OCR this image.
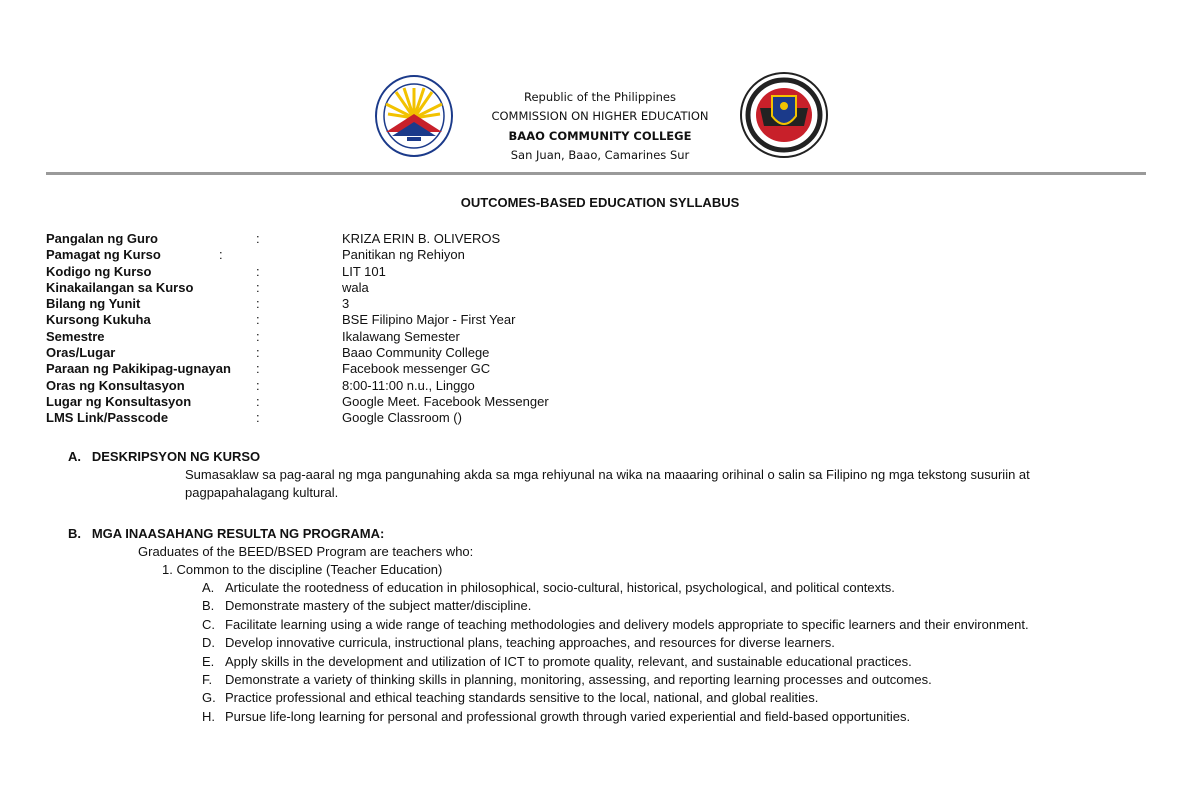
Republic of the Philippines
COMMISSION ON HIGHER EDUCATION
BAAO COMMUNITY COLLEGE
San Juan, Baao, Camarines Sur
OUTCOMES-BASED EDUCATION SYLLABUS
Pangalan ng Guro	:	KRIZA ERIN B. OLIVEROS
Pamagat ng Kurso	:	Panitikan ng Rehiyon
Kodigo ng Kurso	:	LIT 101
Kinakailangan sa Kurso	:	wala
Bilang ng Yunit	:	3
Kursong Kukuha	:	BSE Filipino Major - First Year
Semestre	:	Ikalawang Semester
Oras/Lugar	:	Baao Community College
Paraan ng Pakikipag-ugnayan :	Facebook messenger GC
Oras ng Konsultasyon	:	8:00-11:00 n.u., Linggo
Lugar ng Konsultasyon	:	Google Meet. Facebook Messenger
LMS Link/Passcode	:	Google Classroom ()
A.   DESKRIPSYON NG KURSO
Sumasaklaw sa pag-aaral ng mga pangunahing akda sa mga rehiyunal na wika na maaaring orihinal o salin sa Filipino ng mga tekstong susuriin at
pagpapahalagang kultural.
B.   MGA INAASAHANG RESULTA NG PROGRAMA:
Graduates of the BEED/BSED Program are teachers who:
1. Common to the discipline (Teacher Education)
A. Articulate the rootedness of education in philosophical, socio-cultural, historical, psychological, and political contexts.
B. Demonstrate mastery of the subject matter/discipline.
C. Facilitate learning using a wide range of teaching methodologies and delivery models appropriate to specific learners and their environment.
D. Develop innovative curricula, instructional plans, teaching approaches, and resources for diverse learners.
E. Apply skills in the development and utilization of ICT to promote quality, relevant, and sustainable educational practices.
F. Demonstrate a variety of thinking skills in planning, monitoring, assessing, and reporting learning processes and outcomes.
G. Practice professional and ethical teaching standards sensitive to the local, national, and global realities.
H. Pursue life-long learning for personal and professional growth through varied experiential and field-based opportunities.
